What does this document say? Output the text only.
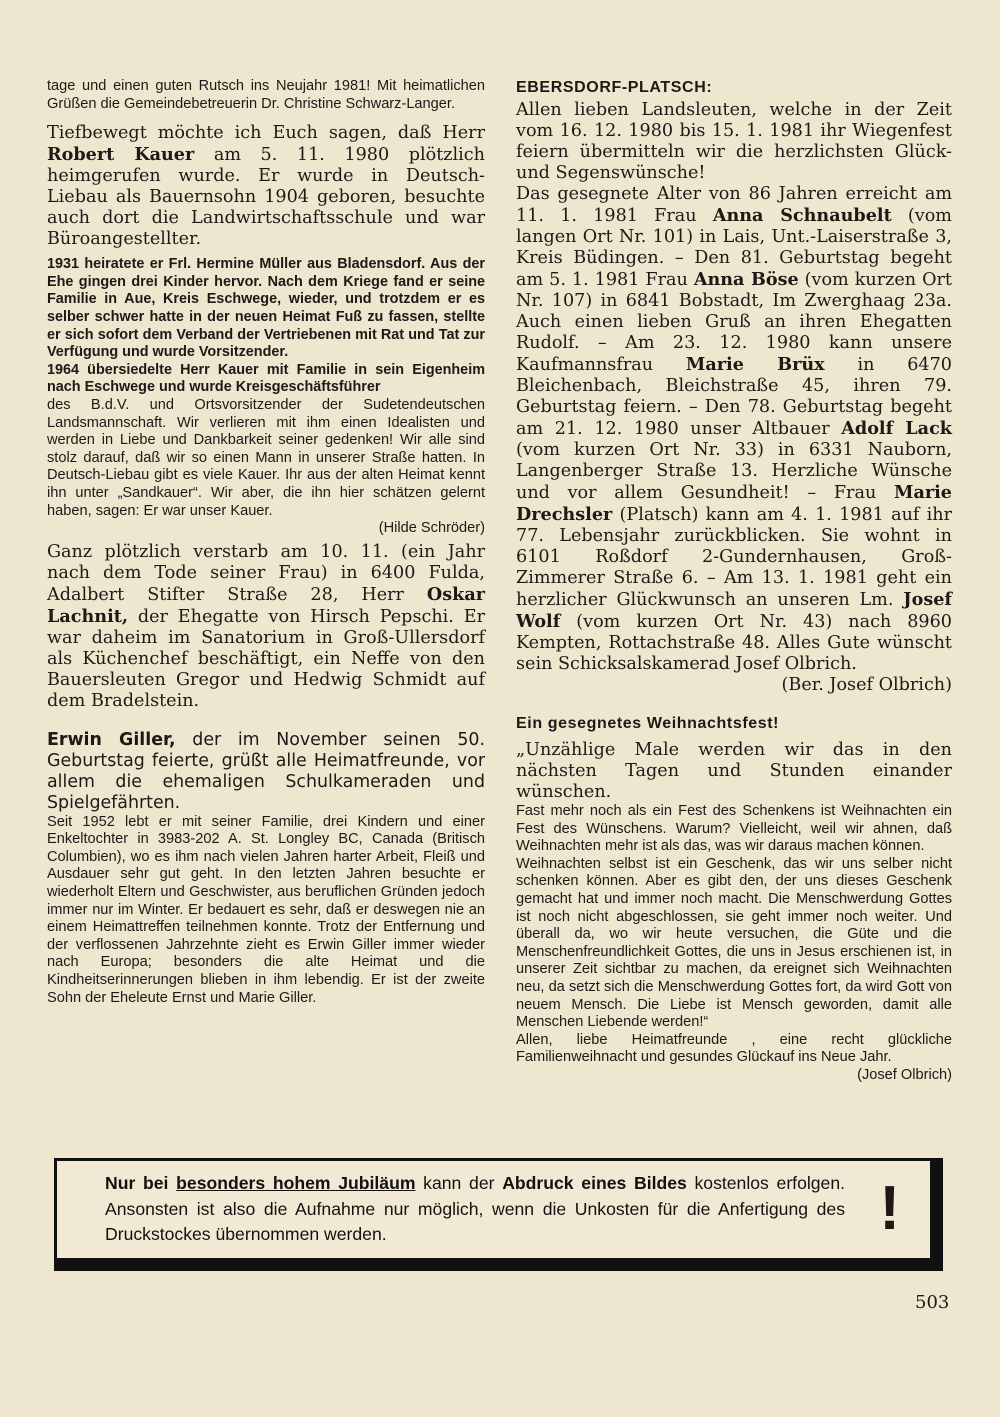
tage und einen guten Rutsch ins Neujahr 1981! Mit heimatlichen Grüßen die Gemeindebetreuerin Dr. Christine Schwarz-Langer.

Tiefbewegt möchte ich Euch sagen, daß Herr Robert Kauer am 5. 11. 1980 plötzlich heimgerufen wurde. Er wurde in Deutsch-Liebau als Bauernsohn 1904 geboren, besuchte auch dort die Landwirtschaftsschule und war Büroangestellter.

1931 heiratete er Frl. Hermine Müller aus Bladensdorf. Aus der Ehe gingen drei Kinder hervor. Nach dem Kriege fand er seine Familie in Aue, Kreis Eschwege, wieder, und trotzdem er es selber schwer hatte in der neuen Heimat Fuß zu fassen, stellte er sich sofort dem Verband der Vertriebenen mit Rat und Tat zur Verfügung und wurde Vorsitzender.

1964 übersiedelte Herr Kauer mit Familie in sein Eigenheim nach Eschwege und wurde Kreisgeschäftsführer

des B.d.V. und Ortsvorsitzender der Sudetendeutschen Landsmannschaft. Wir verlieren mit ihm einen Idealisten und werden in Liebe und Dankbarkeit seiner gedenken! Wir alle sind stolz darauf, daß wir so einen Mann in unserer Straße hatten. In Deutsch-Liebau gibt es viele Kauer. Ihr aus der alten Heimat kennt ihn unter „Sandkauer“. Wir aber, die ihn hier schätzen gelernt haben, sagen: Er war unser Kauer.
(Hilde Schröder)

Ganz plötzlich verstarb am 10. 11. (ein Jahr nach dem Tode seiner Frau) in 6400 Fulda, Adalbert Stifter Straße 28, Herr Oskar Lachnit, der Ehegatte von Hirsch Pepschi. Er war daheim im Sanatorium in Groß-Ullersdorf als Küchenchef beschäftigt, ein Neffe von den Bauersleuten Gregor und Hedwig Schmidt auf dem Bradelstein.

Erwin Giller, der im November seinen 50. Geburtstag feierte, grüßt alle Heimatfreunde, vor allem die ehemaligen Schulkameraden und Spielgefährten.

Seit 1952 lebt er mit seiner Familie, drei Kindern und einer Enkeltochter in 3983-202 A. St. Longley BC, Canada (Britisch Columbien), wo es ihm nach vielen Jahren harter Arbeit, Fleiß und Ausdauer sehr gut geht. In den letzten Jahren besuchte er wiederholt Eltern und Geschwister, aus beruflichen Gründen jedoch immer nur im Winter. Er bedauert es sehr, daß er deswegen nie an einem Heimattreffen teilnehmen konnte. Trotz der Entfernung und der verflossenen Jahrzehnte zieht es Erwin Giller immer wieder nach Europa; besonders die alte Heimat und die Kindheitserinnerungen blieben in ihm lebendig. Er ist der zweite Sohn der Eheleute Ernst und Marie Giller.

EBERSDORF-PLATSCH:

Allen lieben Landsleuten, welche in der Zeit vom 16. 12. 1980 bis 15. 1. 1981 ihr Wiegenfest feiern übermitteln wir die herzlichsten Glück- und Segenswünsche!

Das gesegnete Alter von 86 Jahren erreicht am 11. 1. 1981 Frau Anna Schnaubelt (vom langen Ort Nr. 101) in Lais, Unt.-Laiserstraße 3, Kreis Büdingen. – Den 81. Geburtstag begeht am 5. 1. 1981 Frau Anna Böse (vom kurzen Ort Nr. 107) in 6841 Bobstadt, Im Zwerghaag 23a. Auch einen lieben Gruß an ihren Ehegatten Rudolf. – Am 23. 12. 1980 kann unsere Kaufmannsfrau Marie Brüx in 6470 Bleichenbach, Bleichstraße 45, ihren 79. Geburtstag feiern. – Den 78. Geburtstag begeht am 21. 12. 1980 unser Altbauer Adolf Lack (vom kurzen Ort Nr. 33) in 6331 Nauborn, Langenberger Straße 13. Herzliche Wünsche und vor allem Gesundheit! – Frau Marie Drechsler (Platsch) kann am 4. 1. 1981 auf ihr 77. Lebensjahr zurückblicken. Sie wohnt in 6101 Roßdorf 2-Gundernhausen, Groß-Zimmerer Straße 6. – Am 13. 1. 1981 geht ein herzlicher Glückwunsch an unseren Lm. Josef Wolf (vom kurzen Ort Nr. 43) nach 8960 Kempten, Rottachstraße 48. Alles Gute wünscht sein Schicksalskamerad Josef Olbrich.
(Ber. Josef Olbrich)

Ein gesegnetes Weihnachtsfest!

„Unzählige Male werden wir das in den nächsten Tagen und Stunden einander wünschen.

Fast mehr noch als ein Fest des Schenkens ist Weihnachten ein Fest des Wünschens. Warum? Vielleicht, weil wir ahnen, daß Weihnachten mehr ist als das, was wir daraus machen können.

Weihnachten selbst ist ein Geschenk, das wir uns selber nicht schenken können. Aber es gibt den, der uns dieses Geschenk gemacht hat und immer noch macht. Die Menschwerdung Gottes ist noch nicht abgeschlossen, sie geht immer noch weiter. Und überall da, wo wir heute versuchen, die Güte und die Menschenfreundlichkeit Gottes, die uns in Jesus erschienen ist, in unserer Zeit sichtbar zu machen, da ereignet sich Weihnachten neu, da setzt sich die Menschwerdung Gottes fort, da wird Gott von neuem Mensch. Die Liebe ist Mensch geworden, damit alle Menschen Liebende werden!“

Allen, liebe Heimatfreunde , eine recht glückliche Familienweihnacht und gesundes Glückauf ins Neue Jahr.
(Josef Olbrich)

Nur bei besonders hohem Jubiläum kann der Abdruck eines Bildes kostenlos erfolgen. Ansonsten ist also die Aufnahme nur möglich, wenn die Unkosten für die Anfertigung des Druckstockes übernommen werden.	!
503
